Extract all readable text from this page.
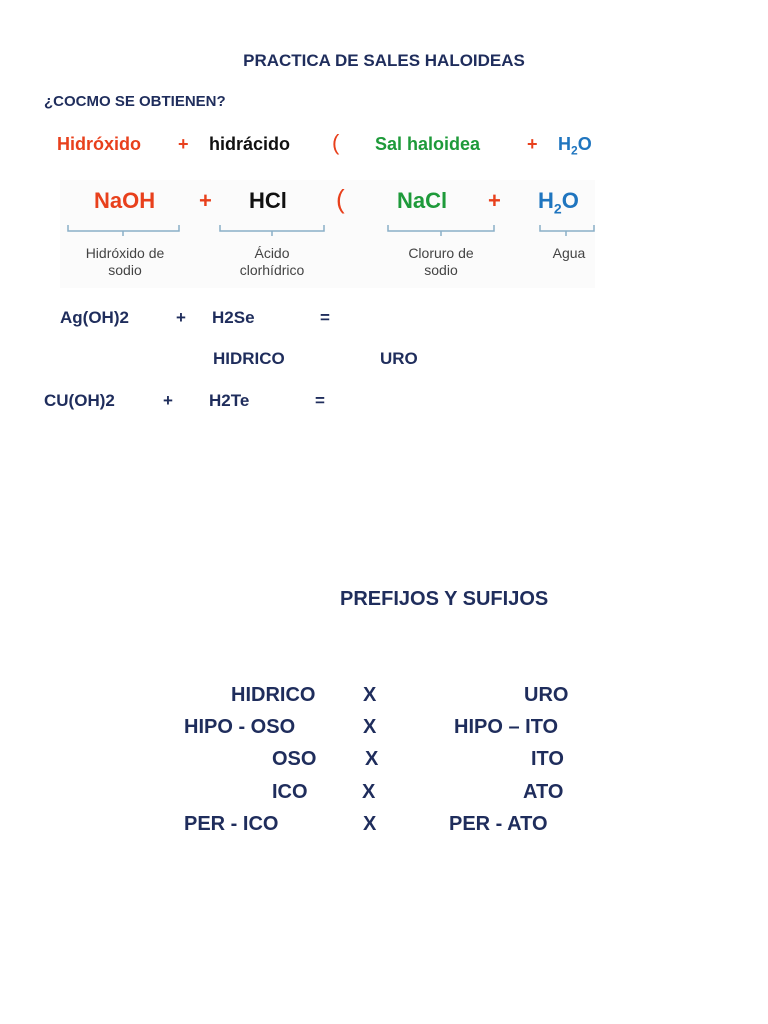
PRACTICA DE SALES HALOIDEAS
¿COCMO SE OBTIENEN?
Hidróxido + hidrácido ( Sal haloidea	+ $H_2O$
NaOH + HCl ( NaCl + $H_2O$
Hidróxido de
sodio
Ácido
clorhídrico
Cloruro de
sodio
Agua
Ag(OH)2	+ H2Se	=
HIDRICO	URO
CU(OH)2	+ H2Te	=
PREFIJOS Y SUFIJOS
HIDRICO X	URO
HIPO - OSO	X	HIPO – ITO
OSO X	ITO
ICO	X	ATO
PER - ICO	X	PER - ATO
